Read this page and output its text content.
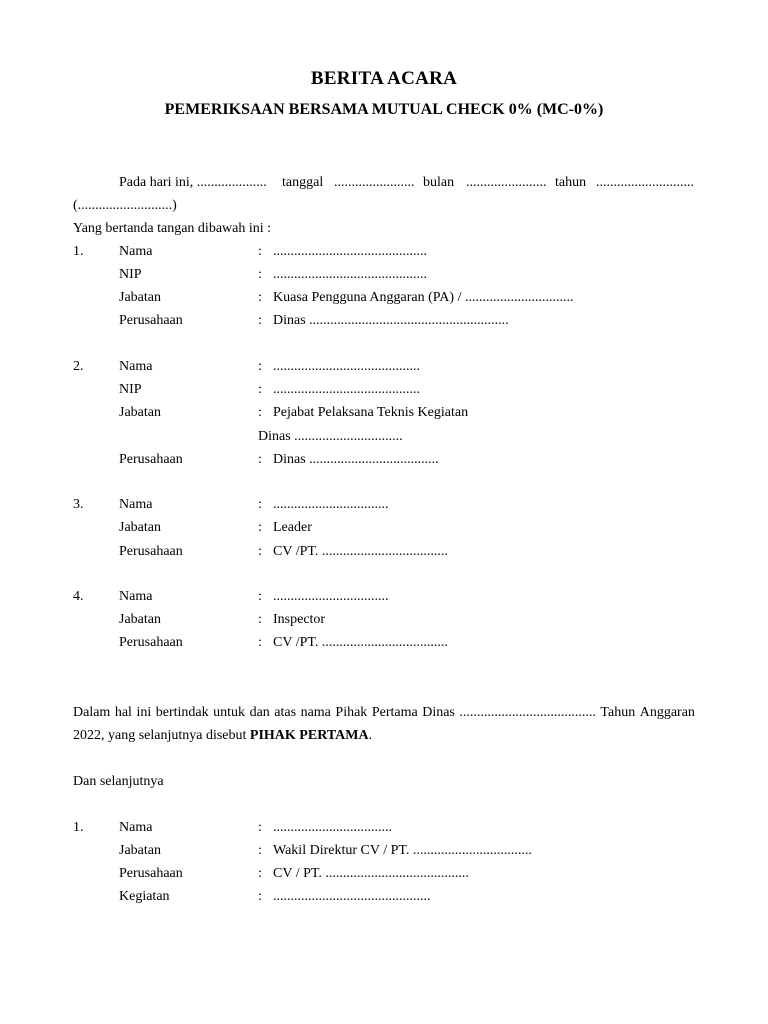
BERITA ACARA
PEMERIKSAAN BERSAMA MUTUAL CHECK 0% (MC-0%)
Pada hari ini, .................... tanggal ....................... bulan ....................... tahun ............................
(...........................)
Yang bertanda tangan dibawah ini :
1.	Nama	: ............................................
NIP	: ............................................
Jabatan	: Kuasa Pengguna Anggaran (PA) / ...............................
Perusahaan	: Dinas .........................................................
2.	Nama	: ..........................................
NIP	: ..........................................
Jabatan	: Pejabat Pelaksana Teknis Kegiatan
Dinas ...............................
Perusahaan	: Dinas .....................................
3.	Nama	: .................................
Jabatan	: Leader
Perusahaan	: CV /PT. ....................................
4.	Nama	: .................................
Jabatan	: Inspector
Perusahaan	: CV /PT. ....................................
Dalam hal ini bertindak untuk dan atas nama Pihak Pertama Dinas ....................................... Tahun Anggaran
2022, yang selanjutnya disebut PIHAK PERTAMA.
Dan selanjutnya
1.	Nama	: ..................................
Jabatan	: Wakil Direktur CV / PT. ..................................
Perusahaan	: CV / PT. .........................................
Kegiatan	: .............................................
